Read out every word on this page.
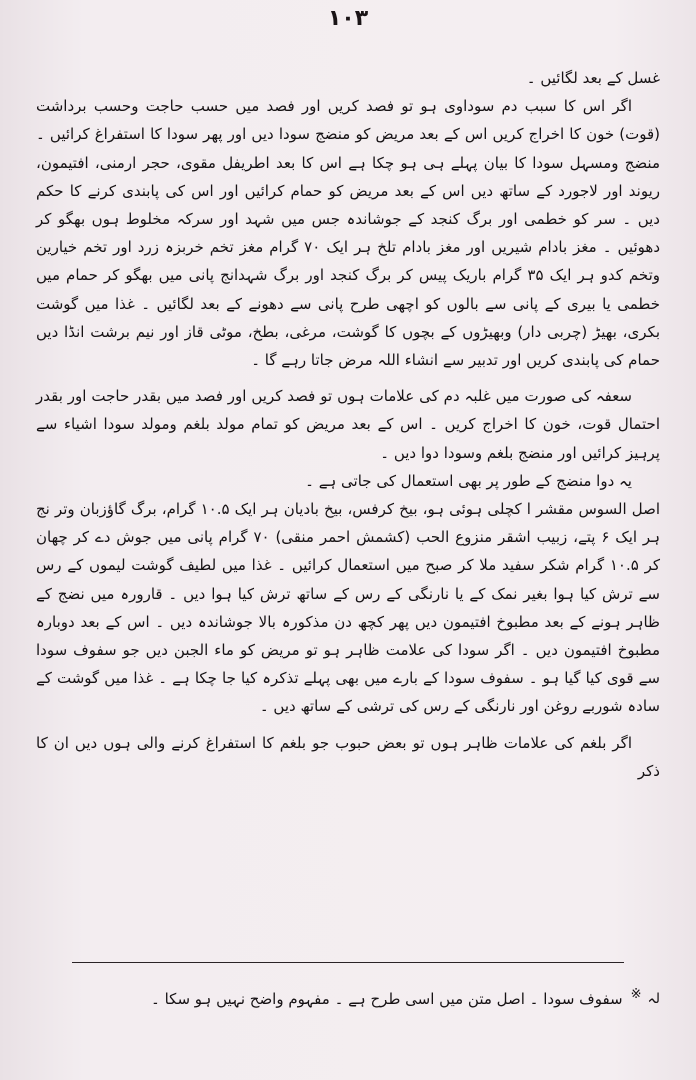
١٠٣

غسل کے بعد لگائیں ۔

اگر اس کا سبب دم سوداوی ہو تو فصد کریں اور فصد میں حسب حاجت وحسب برداشت (قوت) خون کا اخراج کریں اس کے بعد مریض کو منضج سودا دیں اور پھر سودا کا استفراغ کرائیں ۔ منضج ومسہل سودا کا بیان پہلے ہی ہو چکا ہے اس کا بعد اطریفل مقوی، حجر ارمنی، افتیمون، ریوند اور لاجورد کے ساتھ دیں اس کے بعد مریض کو حمام کرائیں اور اس کی پابندی کرنے کا حکم دیں ۔ سر کو خطمی اور برگ کنجد کے جوشاندہ جس میں شہد اور سرکہ مخلوط ہوں بھگو کر دھوئیں ۔ مغز بادام شیریں اور مغز بادام تلخ ہر ایک ۷۰ گرام مغز تخم خربزہ زرد اور تخم خیارین وتخم کدو ہر ایک ۳۵ گرام باریک پیس کر برگ کنجد اور برگ شہدانج پانی میں بھگو کر حمام میں خطمی یا بیری کے پانی سے بالوں کو اچھی طرح پانی سے دھونے کے بعد لگائیں ۔ غذا میں گوشت بکری، بھیڑ (چربی دار) وبھیڑوں کے بچوں کا گوشت، مرغی، بطخ، موٹی قاز اور نیم برشت انڈا دیں حمام کی پابندی کریں اور تدبیر سے انشاء اللہ مرض جاتا رہے گا ۔

سعفہ کی صورت میں غلبہ دم کی علامات ہوں تو فصد کریں اور فصد میں بقدر حاجت اور بقدر احتمال قوت، خون کا اخراج کریں ۔ اس کے بعد مریض کو تمام مولد بلغم ومولد سودا اشیاء سے پرہیز کرائیں اور منضج بلغم وسودا دوا دیں ۔

یہ دوا منضج کے طور پر بھی استعمال کی جاتی ہے ۔

اصل السوس مقشر ا کچلی ہوئی ہو، بیخ کرفس، بیخ بادیان ہر ایک ۱۰.۵ گرام، برگ گاؤزبان وتر نج ہر ایک ۶ پتے، زبیب اشقر منزوع الحب (کشمش احمر منقی) ۷۰ گرام پانی میں جوش دے کر چھان کر ۱۰.۵ گرام شکر سفید ملا کر صبح میں استعمال کرائیں ۔ غذا میں لطیف گوشت لیموں کے رس سے ترش کیا ہوا بغیر نمک کے یا نارنگی کے رس کے ساتھ ترش کیا ہوا دیں ۔ قارورہ میں نضج کے ظاہر ہونے کے بعد مطبوخ افتیمون دیں پھر کچھ دن مذکورہ بالا جوشاندہ دیں ۔ اس کے بعد دوبارہ مطبوخ افتیمون دیں ۔ اگر سودا کی علامت ظاہر ہو تو مریض کو ماء الجبن دیں جو سفوف سودا سے قوی کیا گیا ہو ۔ سفوف سودا کے بارے میں بھی پہلے تذکرہ کیا جا چکا ہے ۔ غذا میں گوشت کے سادہ شوربے روغن اور نارنگی کے رس کی ترشی کے ساتھ دیں ۔

اگر بلغم کی علامات ظاہر ہوں تو بعض حبوب جو بلغم کا استفراغ کرنے والی ہوں دیں ان کا ذکر

لہ
※
سفوف سودا ۔ اصل متن میں اسی طرح ہے ۔ مفہوم واضح نہیں ہو سکا ۔
